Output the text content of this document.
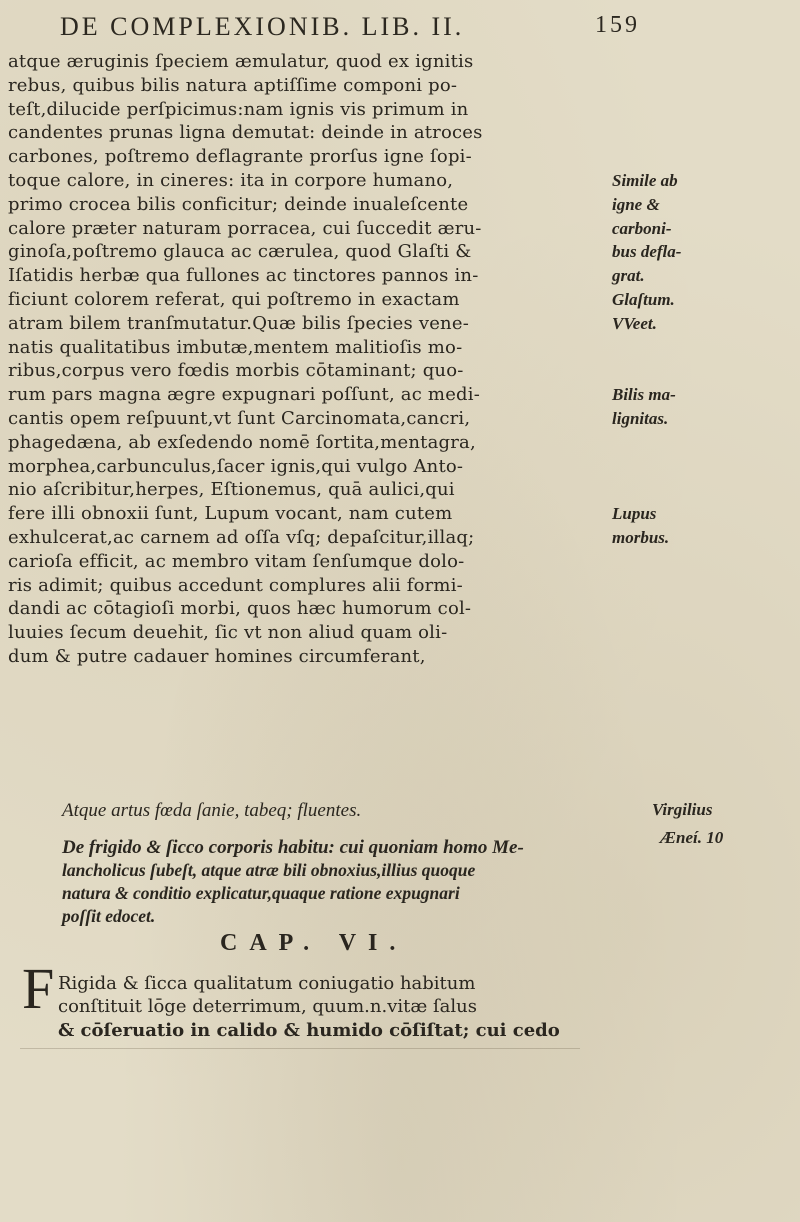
DE COMPLEXIONIB. LIB. II.	159
atque æruginis ſpeciem æmulatur, quod ex ignitis
rebus, quibus bilis natura aptiſſime componi po-
teſt,dilucide perſpicimus:nam ignis vis primum in
candentes prunas ligna demutat: deinde in atroces
carbones, poſtremo deflagrante prorſus igne ſopi-
toque calore, in cineres: ita in corpore humano,
primo crocea bilis conficitur; deinde inualeſcente
calore præter naturam porracea, cui ſuccedit æru-
ginoſa,poſtremo glauca ac cærulea, quod Glaſti &
Iſatidis herbæ qua fullones ac tinctores pannos in-
ficiunt colorem referat, qui poſtremo in exactam
atram bilem tranſmutatur.Quæ bilis ſpecies vene-
natis qualitatibus imbutæ,mentem malitioſis mo-
ribus,corpus vero fœdis morbis cōtaminant; quo-
rum pars magna ægre expugnari poſſunt, ac medi-
cantis opem reſpuunt,vt ſunt Carcinomata,cancri,
phagedæna, ab exſedendo nomē ſortita,mentagra,
morphea,carbunculus,ſacer ignis,qui vulgo Anto-
nio aſcribitur,herpes, Eſtionemus, quā aulici,qui
fere illi obnoxii ſunt, Lupum vocant, nam cutem
exhulcerat,ac carnem ad oſſa vſq; depaſcitur,illaq;
carioſa efficit, ac membro vitam ſenſumque dolo-
ris adimit; quibus accedunt complures alii formi-
dandi ac cōtagioſi morbi, quos hæc humorum col-
luuies ſecum deuehit, ſic vt non aliud quam oli-
dum & putre cadauer homines circumferant,
Simile ab
igne &
carboni-
bus defla-
grat.
Glaſtum.
VVeet.
Bilis ma-
lignitas.
Lupus
morbus.
Atque artus fœda ſanie, tabeq; fluentes.	Virgilius
Æneí. 10
De frigido & ſicco corporis habitu: cui quoniam homo Me-
lancholicus ſubeſt, atque atræ bili obnoxius,illius quoque
natura & conditio explicatur,quaque ratione expugnari
poſſit edocet.
CAP. VI.
F Rigida & ſicca qualitatum coniugatio habitum
conſtituit lōge deterrimum, quum.n.vitæ ſalus
& cōſeruatio in calido & humido cōſiſtat; cui cedo
